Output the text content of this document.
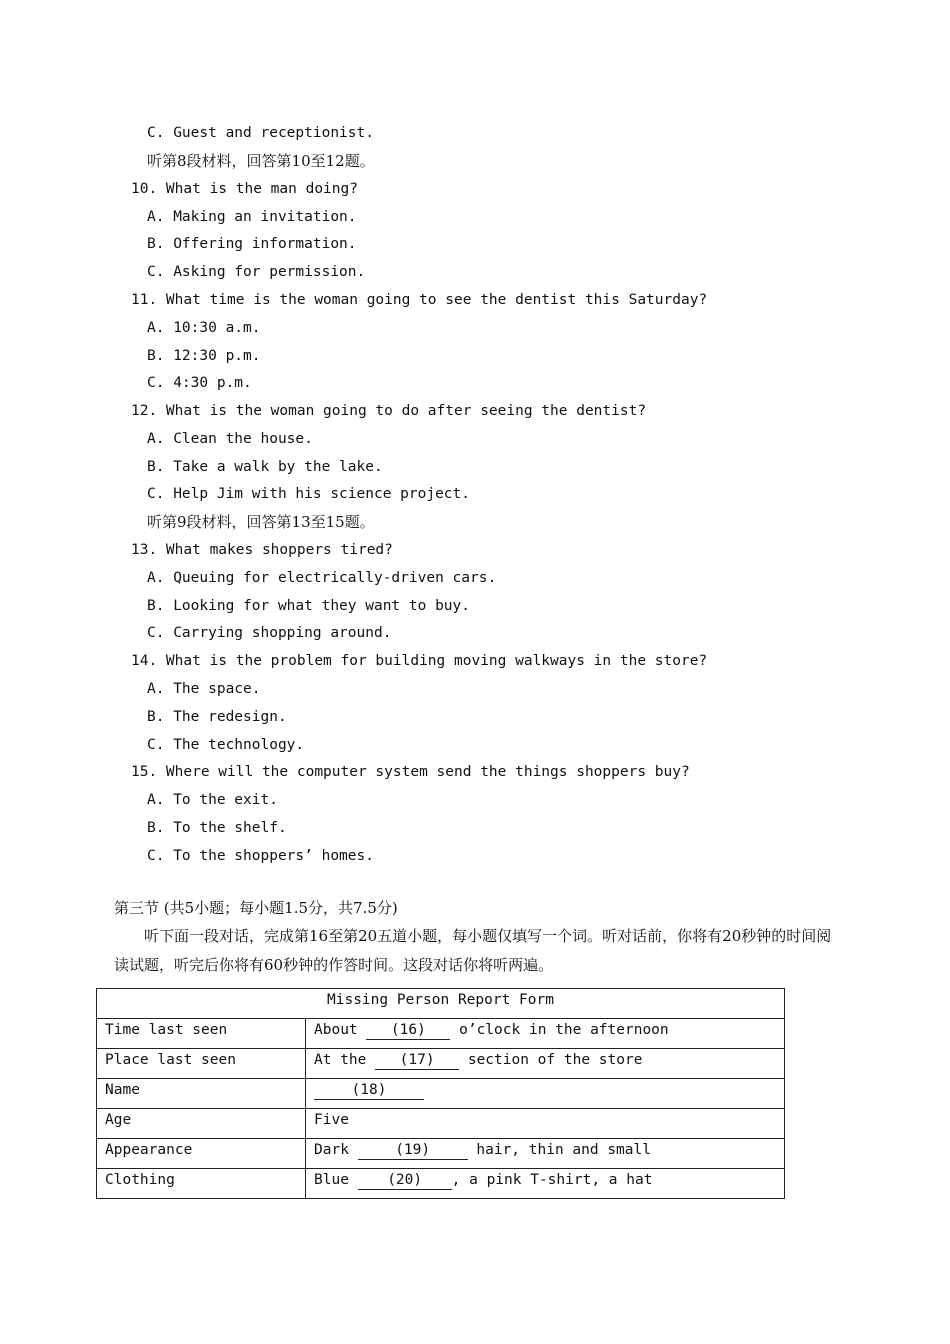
C. Guest and receptionist.
听第8段材料，回答第10至12题。
10. What is the man doing?
A. Making an invitation.
B. Offering information.
C. Asking for permission.
11. What time is the woman going to see the dentist this Saturday?
A. 10:30 a.m.
B. 12:30 p.m.
C. 4:30 p.m.
12. What is the woman going to do after seeing the dentist?
A. Clean the house.
B. Take a walk by the lake.
C. Help Jim with his science project.
听第9段材料，回答第13至15题。
13. What makes shoppers tired?
A. Queuing for electrically-driven cars.
B. Looking for what they want to buy.
C. Carrying shopping around.
14. What is the problem for building moving walkways in the store?
A. The space.
B. The redesign.
C. The technology.
15. Where will the computer system send the things shoppers buy?
A. To the exit.
B. To the shelf.
C. To the shoppers’ homes.
第三节 (共5小题；每小题1.5分，共7.5分)
听下面一段对话，完成第16至第20五道小题，每小题仅填写一个词。听对话前，你将有20秒钟的时间阅读试题，听完后你将有60秒钟的作答时间。这段对话你将听两遍。
Missing Person Report Form	
Time last seen	About (16) o’clock in the afternoon
Place last seen	At the (17) section of the store
Name	(18)
Age	Five
Appearance	Dark (19) hair, thin and small
Clothing	Blue (20) , a pink T-shirt, a hat
